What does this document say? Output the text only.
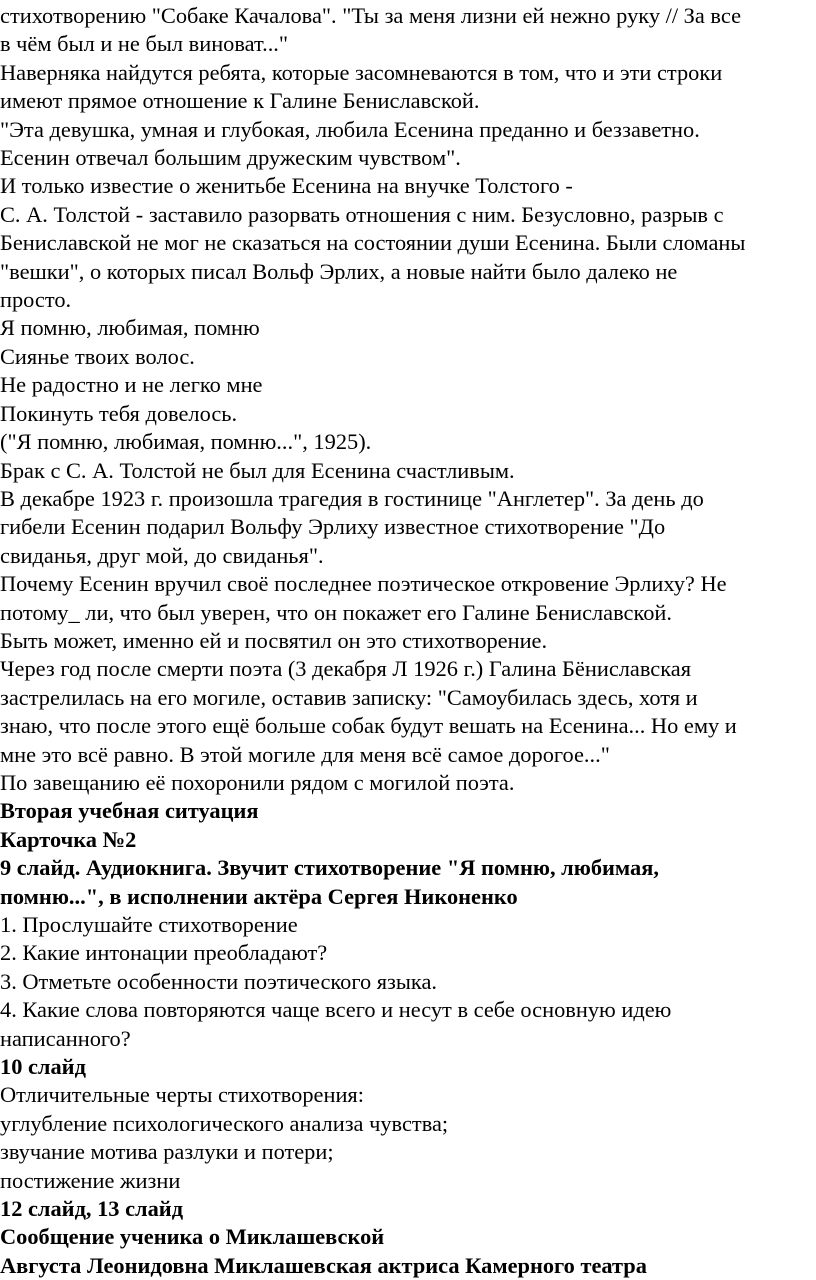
стихотворению "Собаке Качалова". "Ты за меня лизни ей нежно руку // За все

в чём был и не был виноват..."

Наверняка найдутся ребята, которые засомневаются в том, что и эти строки

имеют прямое отношение к Галине Бениславской.

"Эта девушка, умная и глубокая, любила Есенина преданно и беззаветно.

Есенин отвечал большим дружеским чувством".

И только известие о женитьбе Есенина на внучке Толстого -

С. А. Толстой - заставило разорвать отношения с ним. Безусловно, разрыв с

Бениславской не мог не сказаться на состоянии души Есенина. Были сломаны

"вешки", о которых писал Вольф Эрлих, а новые найти было далеко не

просто.

Я помню, любимая, помню

Сиянье твоих волос.

Не радостно и не легко мне

Покинуть тебя довелось.

("Я помню, любимая, помню...", 1925).

Брак с С. А. Толстой не был для Есенина счастливым.

В декабре 1923 г. произошла трагедия в гостинице "Англетер". За день до

гибели Есенин подарил Вольфу Эрлиху известное стихотворение "До

свиданья, друг мой, до свиданья".

Почему Есенин вручил своё последнее поэтическое откровение Эрлиху? Не

потому_ ли, что был уверен, что он покажет его Галине Бениславской.

Быть может, именно ей и посвятил он это стихотворение.

Через год после смерти поэта (3 декабря Л 1926 г.) Галина Бёниславская

застрелилась на его могиле, оставив записку: "Самоубилась здесь, хотя и

знаю, что после этого ещё больше собак будут вешать на Есенина... Но ему и

мне это всё равно. В этой могиле для меня всё самое дорогое..."

По завещанию её похоронили рядом с могилой поэта.

Вторая учебная ситуация

Карточка №2

9 слайд. Аудиокнига. Звучит стихотворение "Я помню, любимая,

помню...", в исполнении актёра Сергея Никоненко

1. Прослушайте стихотворение

2. Какие интонации преобладают?

3. Отметьте особенности поэтического языка.

4. Какие слова повторяются чаще всего и несут в себе основную идею

написанного?

10 слайд

Отличительные черты стихотворения:

углубление психологического анализа чувства;

звучание мотива разлуки и потери;

постижение жизни

12 слайд, 13 слайд

Сообщение ученика о Миклашевской

Августа Леонидовна Миклашевская актриса Камерного театра
